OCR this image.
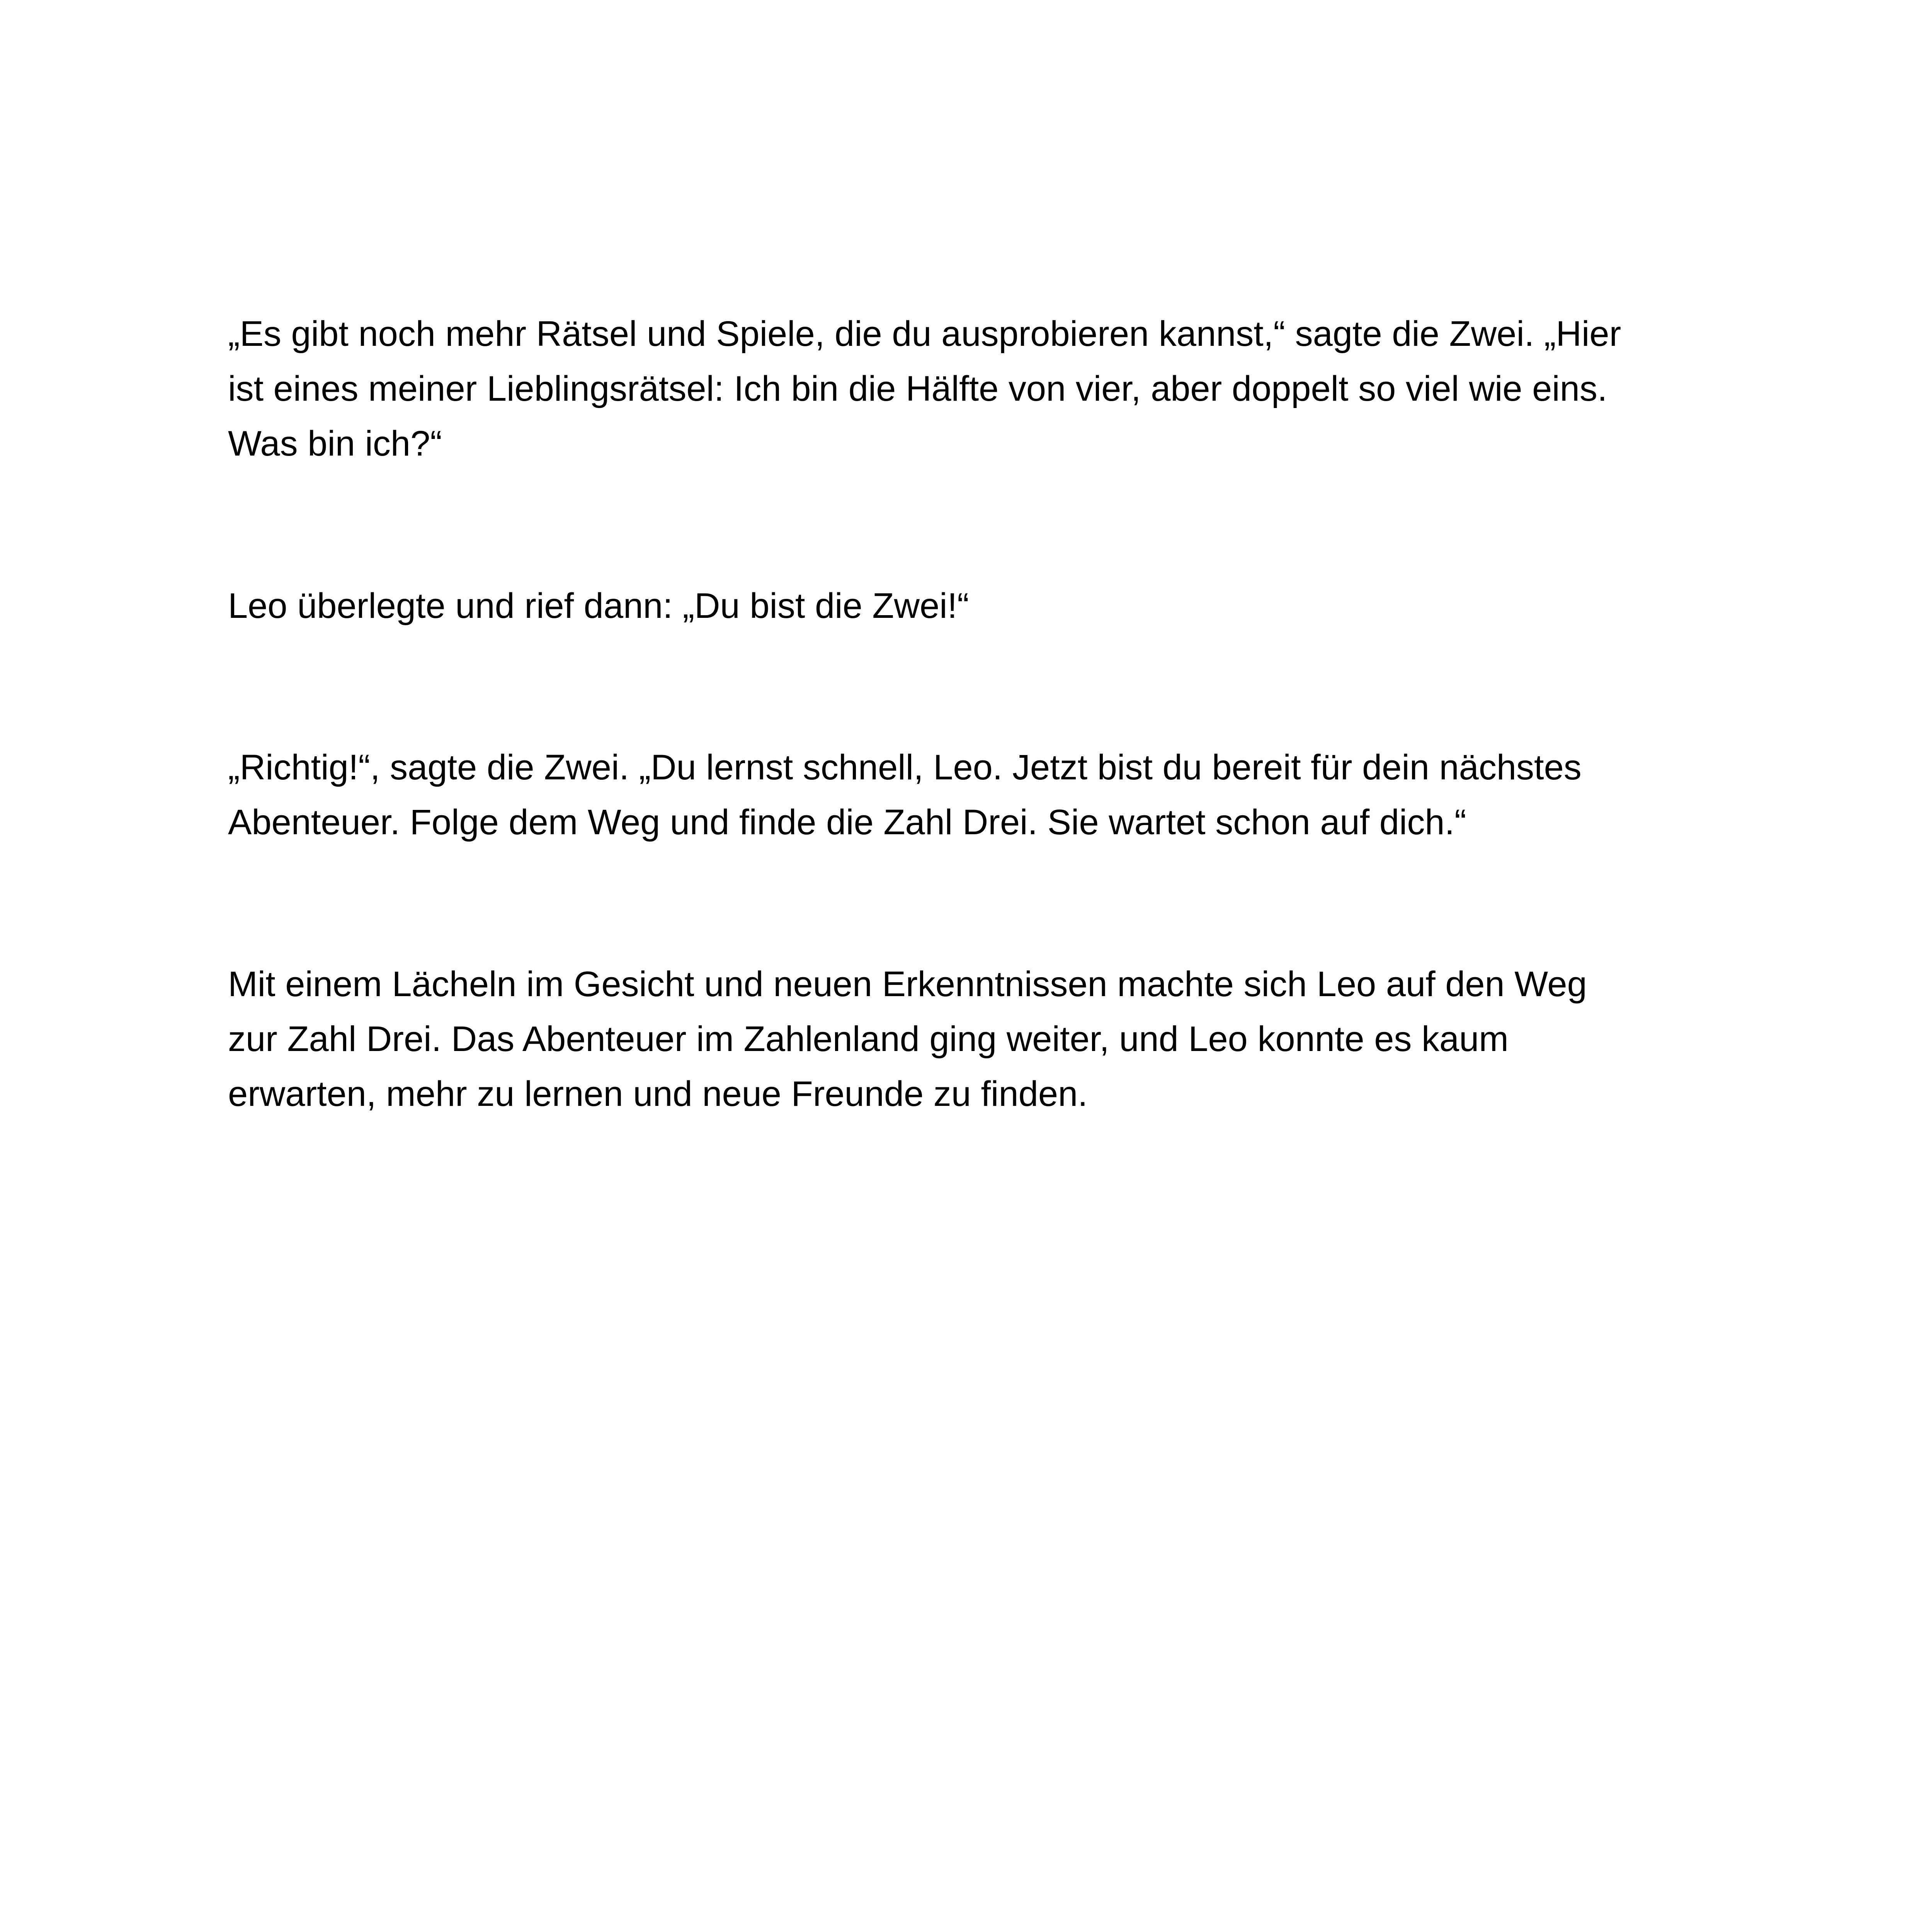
„Es gibt noch mehr Rätsel und Spiele, die du ausprobieren kannst,“ sagte die Zwei. „Hier
ist eines meiner Lieblingsrätsel: Ich bin die Hälfte von vier, aber doppelt so viel wie eins.
Was bin ich?“

Leo überlegte und rief dann: „Du bist die Zwei!“

„Richtig!“, sagte die Zwei. „Du lernst schnell, Leo. Jetzt bist du bereit für dein nächstes
Abenteuer. Folge dem Weg und finde die Zahl Drei. Sie wartet schon auf dich.“

Mit einem Lächeln im Gesicht und neuen Erkenntnissen machte sich Leo auf den Weg
zur Zahl Drei. Das Abenteuer im Zahlenland ging weiter, und Leo konnte es kaum
erwarten, mehr zu lernen und neue Freunde zu finden.
